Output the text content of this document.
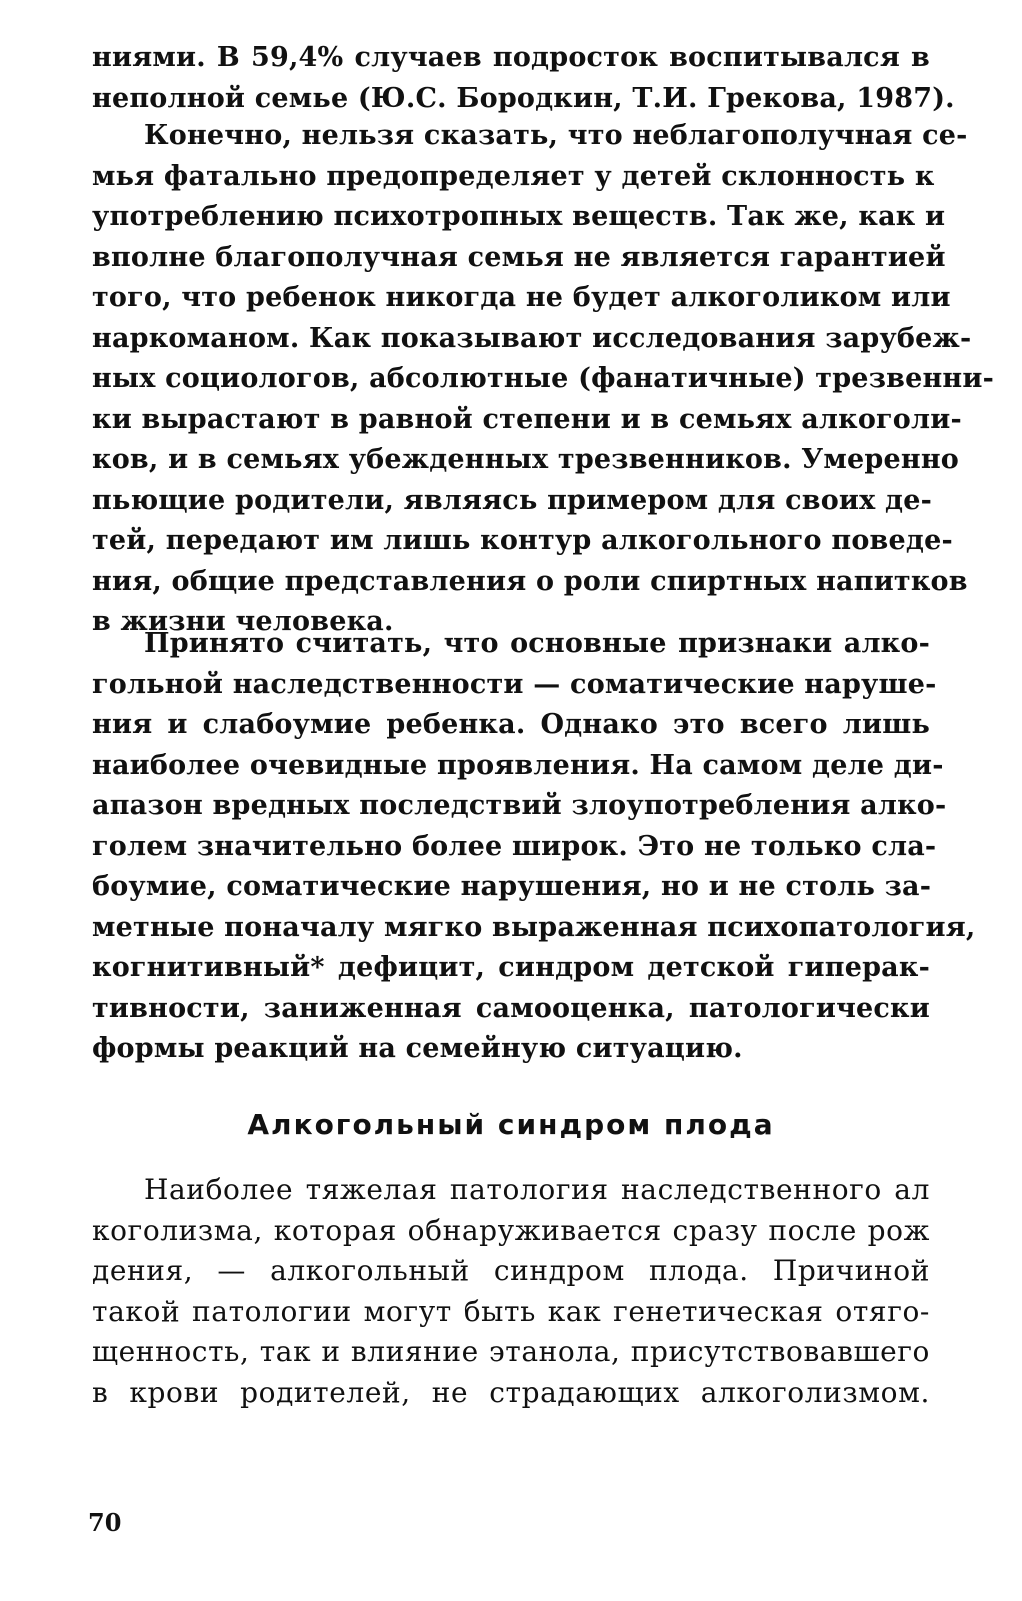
ниями. В 59,4% случаев подросток воспитывался в
неполной семье (Ю.С. Бородкин, Т.И. Грекова, 1987).
Конечно, нельзя сказать, что неблагополучная се-
мья фатально предопределяет у детей склонность к
употреблению психотропных веществ. Так же, как и
вполне благополучная семья не является гарантией
того, что ребенок никогда не будет алкоголиком или
наркоманом. Как показывают исследования зарубеж-
ных социологов, абсолютные (фанатичные) трезвенни-
ки вырастают в равной степени и в семьях алкоголи-
ков, и в семьях убежденных трезвенников. Умеренно
пьющие родители, являясь примером для своих де-
тей, передают им лишь контур алкогольного поведе-
ния, общие представления о роли спиртных напитков
в жизни человека.
Принято считать, что основные признаки алко-
гольной наследственности — соматические наруше-
ния и слабоумие ребенка. Однако это всего лишь
наиболее очевидные проявления. На самом деле ди-
апазон вредных последствий злоупотребления алко-
голем значительно более широк. Это не только сла-
боумие, соматические нарушения, но и не столь за-
метные поначалу мягко выраженная психопатология,
когнитивный* дефицит, синдром детской гиперак-
тивности, заниженная самооценка, патологически
формы реакций на семейную ситуацию.
Алкогольный синдром плода
Наиболее тяжелая патология наследственного ал
коголизма, которая обнаруживается сразу после рож
дения, — алкогольный синдром плода. Причиной
такой патологии могут быть как генетическая отяго-
щенность, так и влияние этанола, присутствовавшего
в крови родителей, не страдающих алкоголизмом.
70
